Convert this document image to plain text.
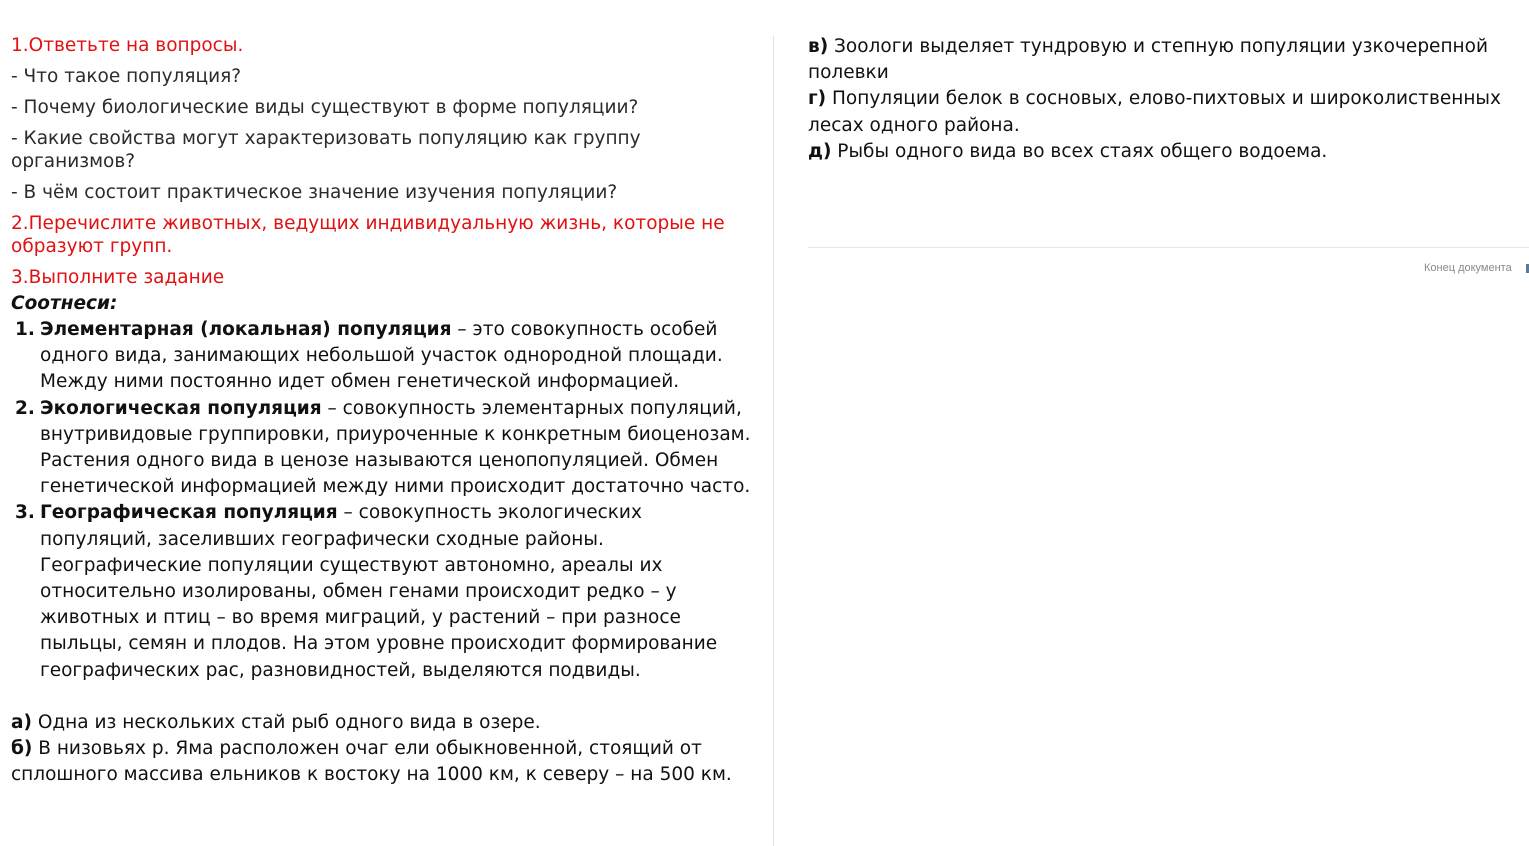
1.Ответьте на вопросы.
- Что такое популяция?
- Почему биологические виды существуют в форме популяции?
- Какие свойства могут характеризовать популяцию как группу организмов?
- В чём состоит практическое значение изучения популяции?
2.Перечислите животных, ведущих индивидуальную жизнь, которые не образуют групп.
3.Выполните задание
Соотнеси:
1. Элементарная (локальная) популяция – это совокупность особей одного вида, занимающих небольшой участок однородной площади. Между ними постоянно идет обмен генетической информацией.
2. Экологическая популяция – совокупность элементарных популяций, внутривидовые группировки, приуроченные к конкретным биоценозам. Растения одного вида в ценозе называются ценопопуляцией. Обмен генетической информацией между ними происходит достаточно часто.
3. Географическая популяция – совокупность экологических популяций, заселивших географически сходные районы. Географические популяции существуют автономно, ареалы их относительно изолированы, обмен генами происходит редко – у животных и птиц – во время миграций, у растений – при разносе пыльцы, семян и плодов. На этом уровне происходит формирование географических рас, разновидностей, выделяются подвиды.
а) Одна из нескольких стай рыб одного вида в озере.
б) В низовьях р. Яма расположен очаг ели обыкновенной, стоящий от сплошного массива ельников к востоку на 1000 км, к северу – на 500 км.
в) Зоологи выделяет тундровую и степную популяции узкочерепной полевки
г) Популяции белок в сосновых, елово-пихтовых и широколиственных лесах одного района.
д) Рыбы одного вида во всех стаях общего водоема.
Конец документа
